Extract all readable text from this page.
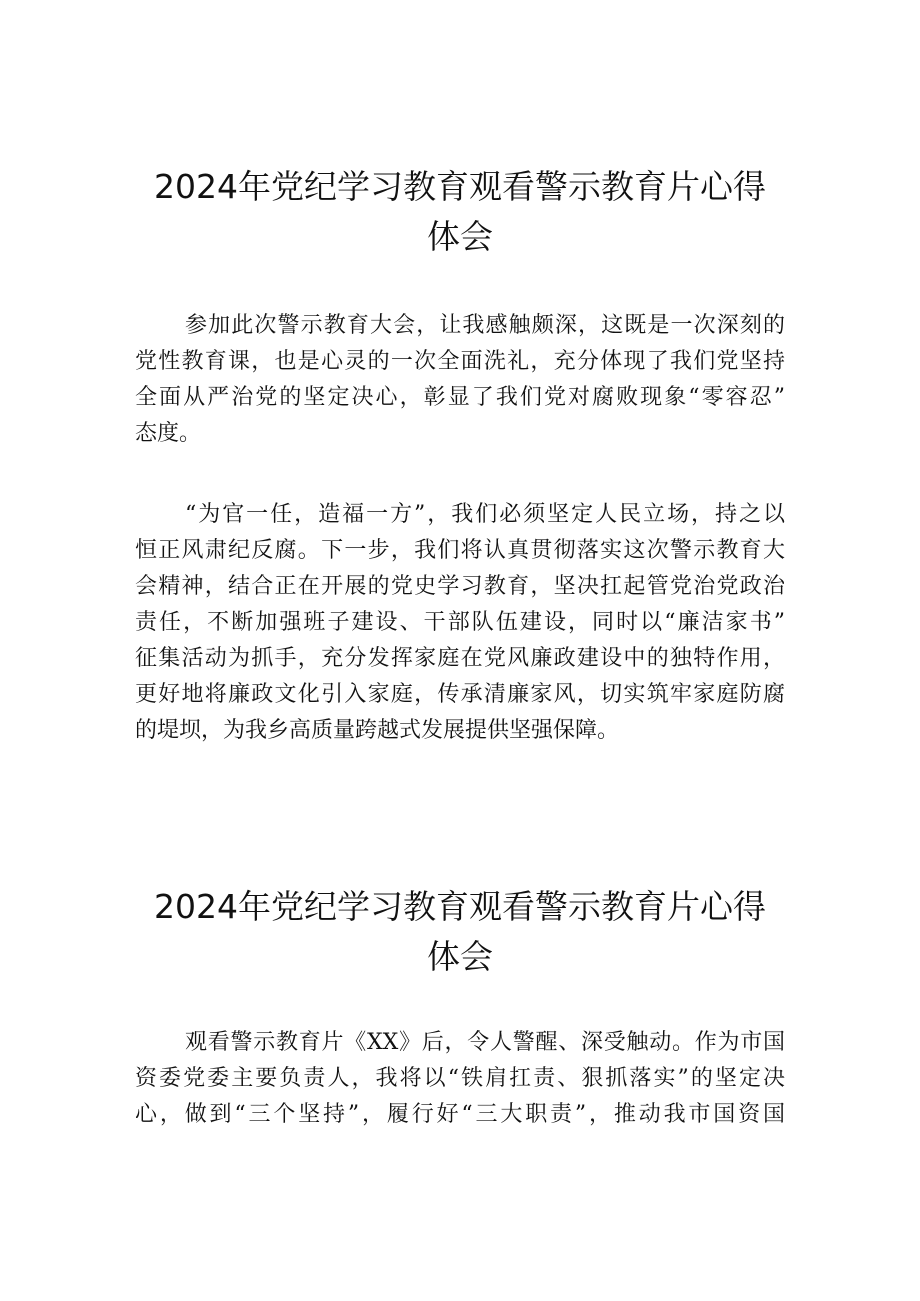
2024年党纪学习教育观看警示教育片心得
体会
参加此次警示教育大会，让我感触颇深，这既是一次深刻的
党性教育课，也是心灵的一次全面洗礼，充分体现了我们党坚持
全面从严治党的坚定决心，彰显了我们党对腐败现象“零容忍”
态度。
“为官一任，造福一方”，我们必须坚定人民立场，持之以
恒正风肃纪反腐。下一步，我们将认真贯彻落实这次警示教育大
会精神，结合正在开展的党史学习教育，坚决扛起管党治党政治
责任，不断加强班子建设、干部队伍建设，同时以“廉洁家书”
征集活动为抓手，充分发挥家庭在党风廉政建设中的独特作用，
更好地将廉政文化引入家庭，传承清廉家风，切实筑牢家庭防腐
的堤坝，为我乡高质量跨越式发展提供坚强保障。
2024年党纪学习教育观看警示教育片心得
体会
观看警示教育片《XX》后，令人警醒、深受触动。作为市国
资委党委主要负责人，我将以“铁肩扛责、狠抓落实”的坚定决
心，做到“三个坚持”，履行好“三大职责”，推动我市国资国
